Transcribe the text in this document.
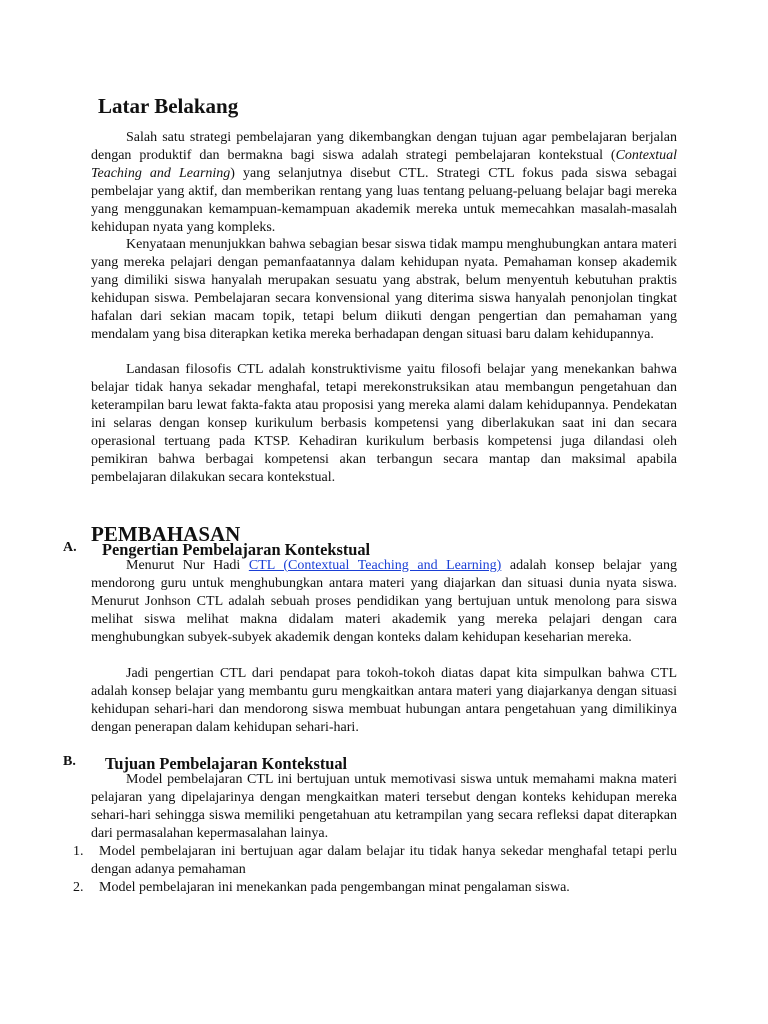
Latar Belakang

Salah satu strategi pembelajaran yang dikembangkan dengan tujuan agar pembelajaran berjalan dengan produktif dan bermakna bagi siswa adalah strategi pembelajaran kontekstual (Contextual Teaching and Learning) yang selanjutnya disebut CTL. Strategi CTL fokus pada siswa sebagai pembelajar yang aktif, dan memberikan rentang yang luas tentang peluang-peluang belajar bagi mereka yang menggunakan kemampuan-kemampuan akademik mereka untuk memecahkan masalah-masalah kehidupan nyata yang kompleks.

Kenyataan menunjukkan bahwa sebagian besar siswa tidak mampu menghubungkan antara materi yang mereka pelajari dengan pemanfaatannya dalam kehidupan nyata. Pemahaman konsep akademik yang dimiliki siswa hanyalah merupakan sesuatu yang abstrak, belum menyentuh kebutuhan praktis kehidupan siswa. Pembelajaran secara konvensional yang diterima siswa hanyalah penonjolan tingkat hafalan dari sekian macam topik, tetapi belum diikuti dengan pengertian dan pemahaman yang mendalam yang bisa diterapkan ketika mereka berhadapan dengan situasi baru dalam kehidupannya.

Landasan filosofis CTL adalah konstruktivisme yaitu filosofi belajar yang menekankan bahwa belajar tidak hanya sekadar menghafal, tetapi merekonstruksikan atau membangun pengetahuan dan keterampilan baru lewat fakta-fakta atau proposisi yang mereka alami dalam kehidupannya. Pendekatan ini selaras dengan konsep kurikulum berbasis kompetensi yang diberlakukan saat ini dan secara operasional tertuang pada KTSP. Kehadiran kurikulum berbasis kompetensi juga dilandasi oleh pemikiran bahwa berbagai kompetensi akan terbangun secara mantap dan maksimal apabila pembelajaran dilakukan secara kontekstual.

PEMBAHASAN
A. Pengertian Pembelajaran Kontekstual

Menurut Nur Hadi CTL (Contextual Teaching and Learning) adalah konsep belajar yang mendorong guru untuk menghubungkan antara materi yang diajarkan dan situasi dunia nyata siswa. Menurut Jonhson CTL adalah sebuah proses pendidikan yang bertujuan untuk menolong para siswa melihat siswa melihat makna didalam materi akademik yang mereka pelajari dengan cara menghubungkan subyek-subyek akademik dengan konteks dalam kehidupan keseharian mereka.

Jadi pengertian CTL dari pendapat para tokoh-tokoh diatas dapat kita simpulkan bahwa CTL adalah konsep belajar yang membantu guru mengkaitkan antara materi yang diajarkanya dengan situasi kehidupan sehari-hari dan mendorong siswa membuat hubungan antara pengetahuan yang dimilikinya dengan penerapan dalam kehidupan sehari-hari.

B. Tujuan Pembelajaran Kontekstual

Model pembelajaran CTL ini bertujuan untuk memotivasi siswa untuk memahami makna materi pelajaran yang dipelajarinya dengan mengkaitkan materi tersebut dengan konteks kehidupan mereka sehari-hari sehingga siswa memiliki pengetahuan atu ketrampilan yang secara refleksi dapat diterapkan dari permasalahan kepermasalahan lainya.

1.	Model pembelajaran ini bertujuan agar dalam belajar itu tidak hanya sekedar menghafal tetapi perlu dengan adanya pemahaman

2.	Model pembelajaran ini menekankan pada pengembangan minat pengalaman siswa.
